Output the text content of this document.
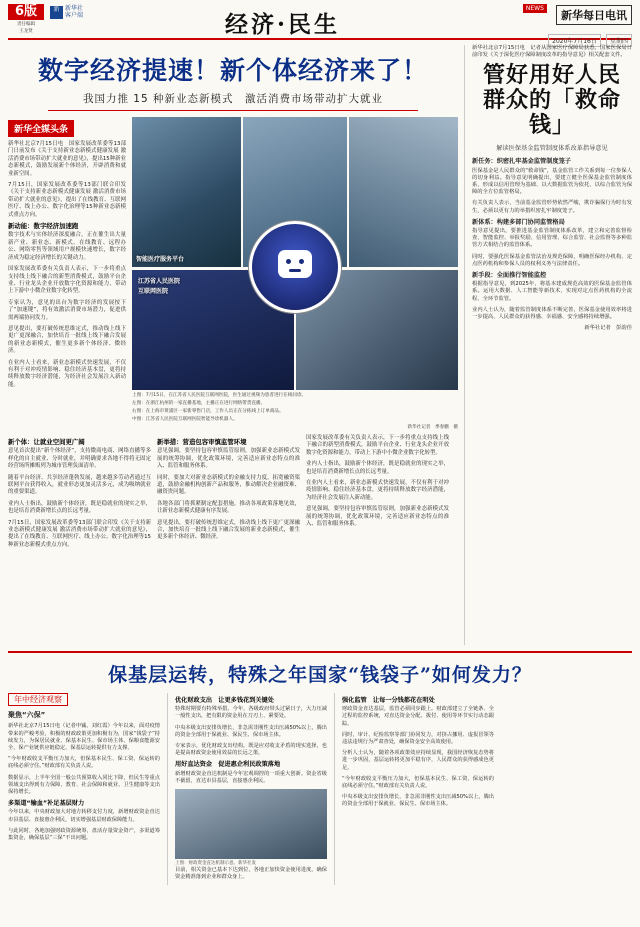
6版
责任编辑
王龙贤
新 新华社
客户端	经济·民生
NEWS 新华每日电讯
2020年7月16日 星期四
数字经济提速！新个体经济来了！
我国力推 15 种新业态新模式　激活消费市场带动扩大就业
新华全媒头条

新华社北京7月15日电　国家发展改革委等13部门日前发布《关于支持新业态新模式健康发展 激活消费市场带动扩大就业的意见》，提出15种新业态新模式，鼓励发展新个体经济，开辟消费和就业新空间。

7月15日，国家发展改革委等13部门联合印发《关于支持新业态新模式健康发展 激活消费市场带动扩大就业的意见》，提出了在线教育、互联网医疗、线上办公、数字化治理等15种新业态新模式重点方向。

新动能：数字经济加速跑

数字技术与实体经济深度融合，正在催生出大量新产业、新业态、新模式。在线教育、远程办公、网络零售等领域用户规模快速增长，数字经济成为稳定经济增长的关键动力。

国家发展改革委有关负责人表示，下一步将重点支持线上线下融合的新型消费模式，鼓励平台企业、行业龙头企业开放数字化资源和能力，带动上下游中小微企业数字化转型。

专家认为，意见的出台为数字经济的发展按下了“加速键”，将有效激活消费市场潜力，促进供需两端协同发力。

意见提出，要打破传统思维定式，推动线上线下更广更深融合，加快培育一批线上线下融合发展的新业态新模式，催生更多新个体经济、微经济。

在业内人士看来，新业态新模式快速发展，不仅有利于对冲疫情影响、稳住经济基本盘，更将持续释放数字经济潜能，为经济社会发展注入新动能。

智能医疗服务平台
江苏省人民医院
互联网医院
上图：7月15日，在江苏省人民医院互联网医院，医生通过视频为患者进行在线问诊。
左图：在浙江杭州的一家直播基地，主播正在进行网络带货直播。
右图：在上海市黄浦区一家新零售门店，工作人员正在分拣线上订单商品。
中图：江苏省人民医院互联网医院智能导诊机器人。
新华社记者　季春鹏　摄
新个体：让就业空间更广阔

意见首次提出“新个体经济”，支持微商电商、网络直播等多样化的自主就业、分时就业，并明确要求各地不得将无固定经营场所摊贩列为城市管理负面清单。

随着平台经济、共享经济蓬勃发展，越来越多劳动者通过互联网平台获得收入，就业形态更加灵活多元，成为吸纳就业的重要渠道。

业内人士指出，鼓励新个体经济，既是稳就业的现实之举，也是培育消费新增长点的长远考量。

7月15日，国家发展改革委等13部门联合印发《关于支持新业态新模式健康发展 激活消费市场带动扩大就业的意见》，提出了在线教育、互联网医疗、线上办公、数字化治理等15种新业态新模式重点方向。

新举措：营造包容审慎监管环境

意见强调，要坚持包容审慎监管原则，加强新业态新模式发展的统筹协调，优化政策环境，完善适应新业态特点的准入、监管和服务体系。

同时，要加大对新业态新模式的金融支持力度，拓宽融资渠道，鼓励金融机构创新产品和服务，推动解决企业融资难、融资贵问题。

各地各部门将抓紧制定配套措施，推动各项政策落地见效，让新业态新模式健康有序发展。

意见提出，要打破传统思维定式，推动线上线下更广更深融合，加快培育一批线上线下融合发展的新业态新模式，催生更多新个体经济、微经济。

国家发展改革委有关负责人表示，下一步将重点支持线上线下融合的新型消费模式，鼓励平台企业、行业龙头企业开放数字化资源和能力，带动上下游中小微企业数字化转型。

业内人士指出，鼓励新个体经济，既是稳就业的现实之举，也是培育消费新增长点的长远考量。

在业内人士看来，新业态新模式快速发展，不仅有利于对冲疫情影响、稳住经济基本盘，更将持续释放数字经济潜能，为经济社会发展注入新动能。

意见强调，要坚持包容审慎监管原则，加强新业态新模式发展的统筹协调，优化政策环境，完善适应新业态特点的准入、监管和服务体系。

新华社北京7月15日电　记者从国家医疗保障局获悉，国家医保局日前印发《关于深化医疗保障制度改革的指导意见》相关配套文件。

管好用好人民群众的「救命钱」
解读医保基金监管制度体系改革指导意见
新任务：织密扎牢基金监管制度笼子

医保基金是人民群众的“救命钱”，基金监管工作关系到每一位参保人的切身利益。指导意见明确提出，要建立健全医保基金监管制度体系，形成以信用管理为基础、以大数据监管为依托、以综合监管为保障的全方位监管格局。

有关负责人表示，当前基金监管形势依然严峻，欺诈骗保行为时有发生，必须以更有力的举措织密扎牢制度笼子。

新体系：构建多部门协同监管格局

指导意见提出，要推进基金监管制度体系改革，建立和完善监督检查、智能监控、举报奖励、信用管理、综合监管、社会监督等多种监管方式相结合的监管体系。

同时，要强化医保基金监管法治及规范保障，明确医保经办机构、定点医药机构和参保人员的权利义务与法律责任。

新手段：全面推行智能监控

根据指导意见，到2025年，将基本建成规范高效的医保基金监管体系。运用大数据、人工智能等新技术，实现对定点医药机构的全流程、全环节监管。

业内人士认为，随着监管制度体系不断完善，医保基金使用效率将进一步提高，人民群众的获得感、幸福感、安全感将持续增强。

新华社记者　彭韵佳

保基层运转，特殊之年国家“钱袋子”如何发力？
年中经济观察
聚焦“六保”

新华社北京7月15日电（记者申铖、刘红霞）今年以来，面对疫情带来的严峻考验，积极的财政政策更加积极有为，国家“钱袋子”持续发力，为保居民就业、保基本民生、保市场主体、保粮食能源安全、保产业链供应链稳定、保基层运转提供有力支撑。

“今年财政收支平衡压力加大，但保基本民生、保工资、保运转的底线必须守住。”财政部有关负责人说。

数据显示，上半年全国一般公共预算收入同比下降，但民生等重点领域支出得到有力保障，教育、社会保障和就业、卫生健康等支出保持增长。

多渠道“输血”补足基层财力

今年以来，中央财政加大对地方转移支付力度，新增财政资金直达市县基层、直接惠企利民，切实增强基层财政保障能力。

与此同时，各地加强财政资源统筹，盘活存量资金资产，多渠道筹集资金，确保基层“三保”不出问题。

优化财政支出　让更多钱花到关键处

特殊时期要有特殊举措。今年，各级政府带头过紧日子，大力压减一般性支出，把有限的资金用在刀刃上、紧要处。

中央本级支出安排负增长，非急需非刚性支出压减50%以上，腾出的资金全部用于保就业、保民生、保市场主体。

专家表示，优化财政支出结构，既是应对收支矛盾的现实选择，也是提高财政资金使用效益的长远之策。

用好直达资金　促进惠企利民政策落地

新增财政资金直达机制是今年宏观调控的一项重大创新。资金省级不截留，直达市县基层，直接惠企利民。

上图：财政资金直达机制示意。新华社发

目前，相关资金已基本下达到位，各地正加快资金使用进度，确保资金精准落到企业和群众身上。

强化监管　让每一分钱都花在明处

财政资金直达基层，监管必须同步跟上。财政部建立了全链条、全过程的监控系统，对直达资金分配、拨付、使用等环节实行动态跟踪。

同时，审计、纪检监察等部门协同发力，对挤占挪用、虚报冒领等违法违规行为严肃查处，确保资金安全高效使用。

分析人士认为，随着各项政策效应持续显现，我国经济恢复态势将进一步巩固，基层运转将更加平稳有序，人民群众的获得感成色更足。

“今年财政收支平衡压力加大，但保基本民生、保工资、保运转的底线必须守住。”财政部有关负责人说。

中央本级支出安排负增长，非急需非刚性支出压减50%以上，腾出的资金全部用于保就业、保民生、保市场主体。
